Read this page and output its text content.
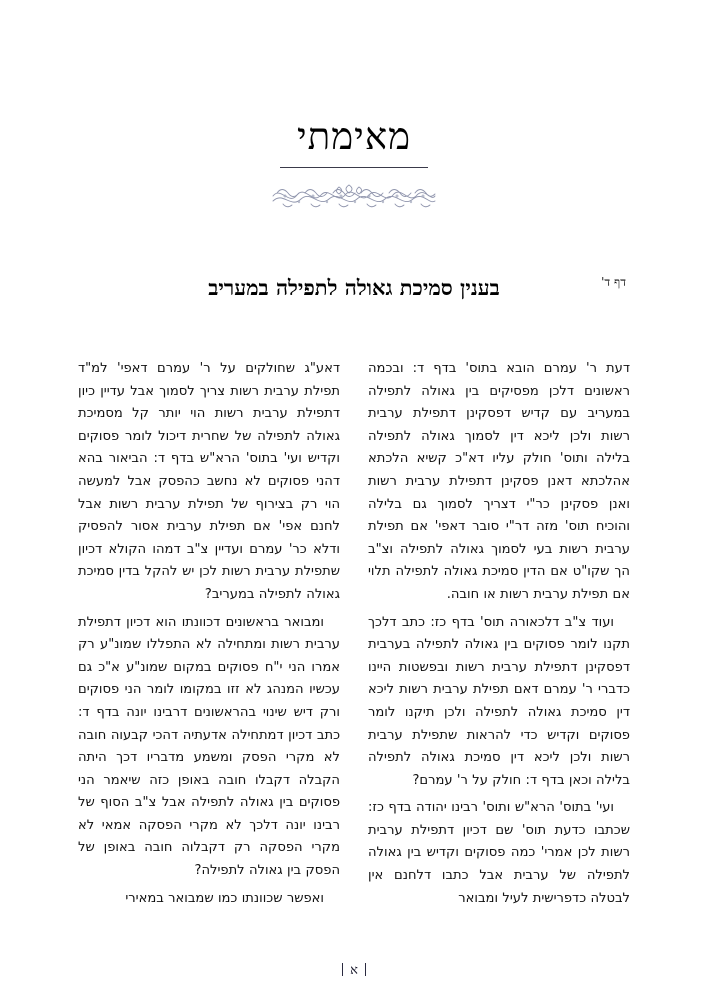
מאימתי
דף ד'
בענין סמיכת גאולה לתפילה במעריב

דעת ר' עמרם הובא בתוס' בדף ד: ובכמה ראשונים דלכן מפסיקים בין גאולה לתפילה במעריב עם קדיש דפסקינן דתפילת ערבית רשות ולכן ליכא דין לסמוך גאולה לתפילה בלילה ותוס' חולק עליו דא"כ קשיא הלכתא אהלכתא דאנן פסקינן דתפילת ערבית רשות ואנן פסקינן כר"י דצריך לסמוך גם בלילה והוכיח תוס' מזה דר"י סובר דאפי' אם תפילת ערבית רשות בעי לסמוך גאולה לתפילה וצ"ב הך שקו"ט אם הדין סמיכת גאולה לתפילה תלוי אם תפילת ערבית רשות או חובה.

ועוד צ"ב דלכאורה תוס' בדף כז: כתב דלכך תקנו לומר פסוקים בין גאולה לתפילה בערבית דפסקינן דתפילת ערבית רשות ובפשטות היינו כדברי ר' עמרם דאם תפילת ערבית רשות ליכא דין סמיכת גאולה לתפילה ולכן תיקנו לומר פסוקים וקדיש כדי להראות שתפילת ערבית רשות ולכן ליכא דין סמיכת גאולה לתפילה בלילה וכאן בדף ד: חולק על ר' עמרם?

ועי' בתוס' הרא"ש ותוס' רבינו יהודה בדף כז: שכתבו כדעת תוס' שם דכיון דתפילת ערבית רשות לכן אמרי' כמה פסוקים וקדיש בין גאולה לתפילה של ערבית אבל כתבו דלחנם אין לבטלה כדפרישית לעיל ומבואר

דאע"ג שחולקים על ר' עמרם דאפי' למ"ד תפילת ערבית רשות צריך לסמוך אבל עדיין כיון דתפילת ערבית רשות הוי יותר קל מסמיכת גאולה לתפילה של שחרית דיכול לומר פסוקים וקדיש ועי' בתוס' הרא"ש בדף ד: הביאור בהא דהני פסוקים לא נחשב כהפסק אבל למעשה הוי רק בצירוף של תפילת ערבית רשות אבל לחנם אפי' אם תפילת ערבית אסור להפסיק ודלא כר' עמרם ועדיין צ"ב דמהו הקולא דכיון שתפילת ערבית רשות לכן יש להקל בדין סמיכת גאולה לתפילה במעריב?

ומבואר בראשונים דכוונתו הוא דכיון דתפילת ערבית רשות ומתחילה לא התפללו שמונ"ע רק אמרו הני י"ח פסוקים במקום שמונ"ע א"כ גם עכשיו המנהג לא זזו במקומו לומר הני פסוקים ורק דיש שינוי בהראשונים דרבינו יונה בדף ד: כתב דכיון דמתחילה אדעתיה דהכי קבעוה חובה לא מקרי הפסק ומשמע מדבריו דכך היתה הקבלה דקבלו חובה באופן כזה שיאמר הני פסוקים בין גאולה לתפילה אבל צ"ב הסוף של רבינו יונה דלכך לא מקרי הפסקה אמאי לא מקרי הפסקה רק דקבלוה חובה באופן של הפסק בין גאולה לתפילה?

ואפשר שכוונתו כמו שמבואר במאירי

א
